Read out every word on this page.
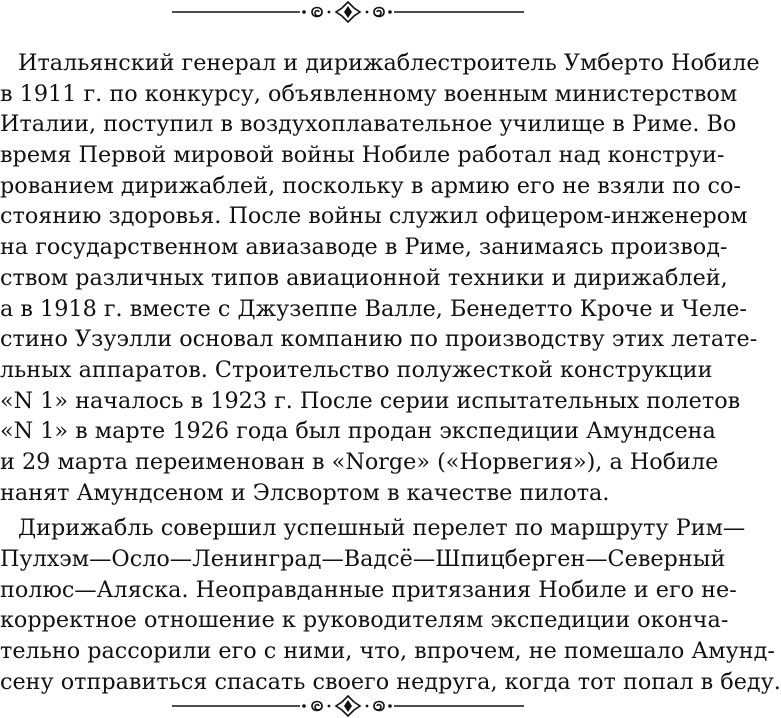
Итальянский генерал и дирижаблестроитель Умберто Нобиле
в 1911 г. по конкурсу, объявленному военным министерством
Италии, поступил в воздухоплавательное училище в Риме. Во
время Первой мировой войны Нобиле работал над конструи-
рованием дирижаблей, поскольку в армию его не взяли по со-
стоянию здоровья. После войны служил офицером-инженером
на государственном авиазаводе в Риме, занимаясь производ-
ством различных типов авиационной техники и дирижаблей,
а в 1918 г. вместе с Джузеппе Валле, Бенедетто Кроче и Челе-
стино Узуэлли основал компанию по производству этих летате-
льных аппаратов. Строительство полужесткой конструкции
«N 1» началось в 1923 г. После серии испытательных полетов
«N 1» в марте 1926 года был продан экспедиции Амундсена
и 29 марта переименован в «Norge» («Норвегия»), а Нобиле
нанят Амундсеном и Элсвортом в качестве пилота.
Дирижабль совершил успешный перелет по маршруту Рим—
Пулхэм—Осло—Ленинград—Вадсё—Шпицберген—Северный
полюс—Аляска. Неоправданные притязания Нобиле и его не-
корректное отношение к руководителям экспедиции оконча-
тельно рассорили его с ними, что, впрочем, не помешало Амунд-
сену отправиться спасать своего недруга, когда тот попал в беду.
